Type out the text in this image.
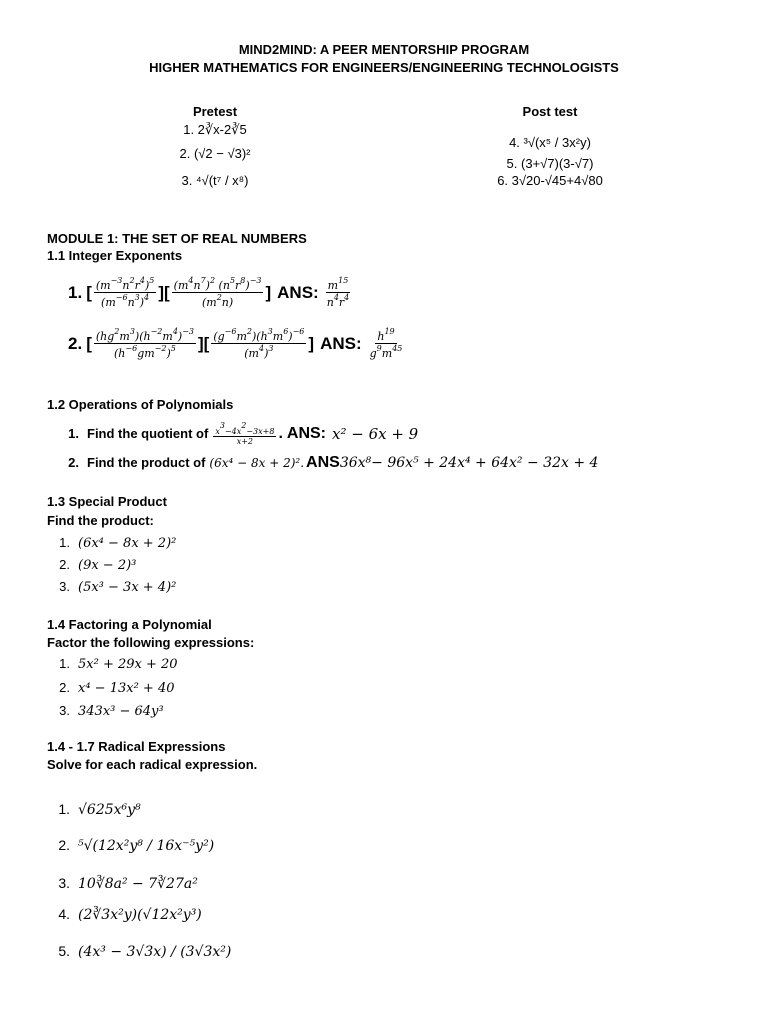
MIND2MIND: A PEER MENTORSHIP PROGRAM
HIGHER MATHEMATICS FOR ENGINEERS/ENGINEERING TECHNOLOGISTS
Pretest
1. 2∛x-2∛5
2. (√2 − √3)²
3. ⁴√(t⁷ / x⁸)
Post test
4. ³√(x⁵ / 3x²y)
5. (3+√7)(3-√7)
6. 3√20-√45+4√80
MODULE 1: THE SET OF REAL NUMBERS
1.1 Integer Exponents
1. [ $\frac{(m^{-3}n^2r^4)^5}{(m^{-6}n^3)^4}$ ][ $\frac{(m^4n^7)^2 (n^5r^8)^{-3}}{(m^2n)}$ ] ANS: $\frac{m^{15}}{n^4r^4}$
2. [ $\frac{(hg^2m^3)(h^{-2}m^4)^{-3}}{(h^{-6}gm^{-2})^5}$ ][ $\frac{(g^{-6}m^2)(h^3m^6)^{-6}}{(m^4)^3}$ ] ANS: $\frac{h^{19}}{g^9m^{45}}$
1.2 Operations of Polynomials
1. Find the quotient of $\frac{x^3-4x^2-3x+8}{x+2}$ . ANS: x² − 6x + 9
2. Find the product of (6x⁴ − 8x + 2)². ANS 36x⁸− 96x⁵ + 24x⁴ + 64x² − 32x + 4
1.3 Special Product
Find the product:
1. (6x⁴ − 8x + 2)²
2. (9x − 2)³
3. (5x³ − 3x + 4)²
1.4 Factoring a Polynomial
Factor the following expressions:
1. 5x² + 29x + 20
2. x⁴ − 13x² + 40
3. 343x³ − 64y³
1.4 - 1.7 Radical Expressions
Solve for each radical expression.
1. √625x⁶y⁸
2. ⁵√(12x²y⁸ / 16x⁻⁵y²)
3. 10∛8a² − 7∛27a²
4. (2∛3x²y)(√12x²y³)
5. (4x³ − 3√3x) / (3√3x²)
